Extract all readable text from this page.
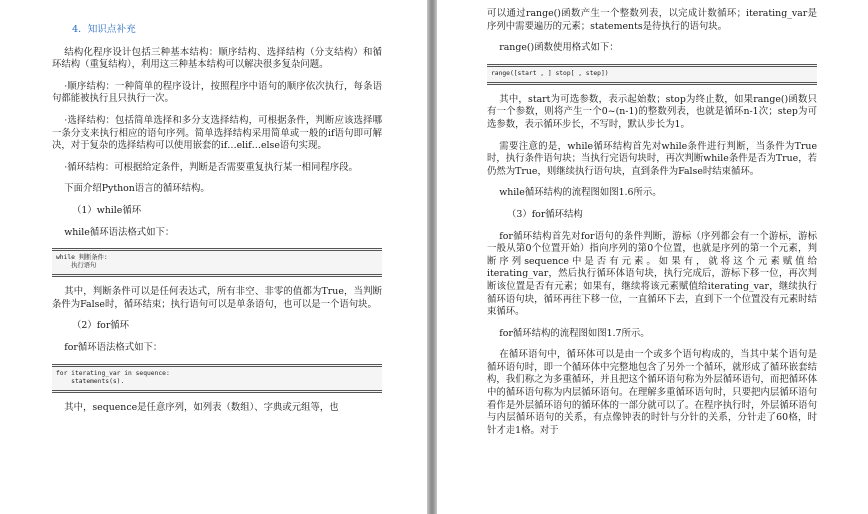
4．知识点补充

结构化程序设计包括三种基本结构：顺序结构、选择结构（分支结构）和循环结构（重复结构），利用这三种基本结构可以解决很多复杂问题。

·顺序结构：一种简单的程序设计，按照程序中语句的顺序依次执行，每条语句都能被执行且只执行一次。

·选择结构：包括简单选择和多分支选择结构，可根据条件，判断应该选择哪一条分支来执行相应的语句序列。简单选择结构采用简单或一般的if语句即可解决，对于复杂的选择结构可以使用嵌套的if…elif…else语句实现。

·循环结构：可根据给定条件，判断是否需要重复执行某一相同程序段。

下面介绍Python语言的循环结构。

（1）while循环

while循环语法格式如下：

while 判断条件:
执行语句

其中，判断条件可以是任何表达式，所有非空、非零的值都为True，当判断条件为False时，循环结束；执行语句可以是单条语句，也可以是一个语句块。

（2）for循环

for循环语法格式如下：

for iterating_var in sequence:
statements(s).

其中，sequence是任意序列，如列表（数组）、字典或元组等，也

可以通过range()函数产生一个整数列表，以完成计数循环；iterating_var是序列中需要遍历的元素；statements是待执行的语句块。

range()函数使用格式如下：

range([start , ] stop[ , step])

其中，start为可选参数，表示起始数；stop为终止数，如果range()函数只有一个参数，则将产生一个0~(n-1)的整数列表，也就是循环n-1次；step为可选参数，表示循环步长，不写时，默认步长为1。

需要注意的是，while循环结构首先对while条件进行判断，当条件为True时，执行条件语句块；当执行完语句块时，再次判断while条件是否为True，若仍然为True，则继续执行语句块，直到条件为False时结束循环。

while循环结构的流程图如图1.6所示。

（3）for循环结构

for循环结构首先对for语句的条件判断，游标（序列都会有一个游标，游标一般从第0个位置开始）指向序列的第0个位置，也就是序列的第一个元素，判断序列sequence中是否有元素。如果有，就将这个元素赋值给iterating_var，然后执行循环体语句块，执行完成后，游标下移一位，再次判断该位置是否有元素；如果有，继续将该元素赋值给iterating_var，继续执行循环语句块，循环再往下移一位，一直循环下去，直到下一个位置没有元素时结束循环。

for循环结构的流程图如图1.7所示。

在循环语句中，循环体可以是由一个或多个语句构成的，当其中某个语句是循环语句时，即一个循环体中完整地包含了另外一个循环，就形成了循环嵌套结构，我们称之为多重循环，并且把这个循环语句称为外层循环语句，而把循环体中的循环语句称为内层循环语句。在理解多重循环语句时，只要把内层循环语句看作是外层循环语句的循环体的一部分就可以了。在程序执行时，外层循环语句与内层循环语句的关系，有点像钟表的时针与分针的关系，分针走了60格，时针才走1格。对于
